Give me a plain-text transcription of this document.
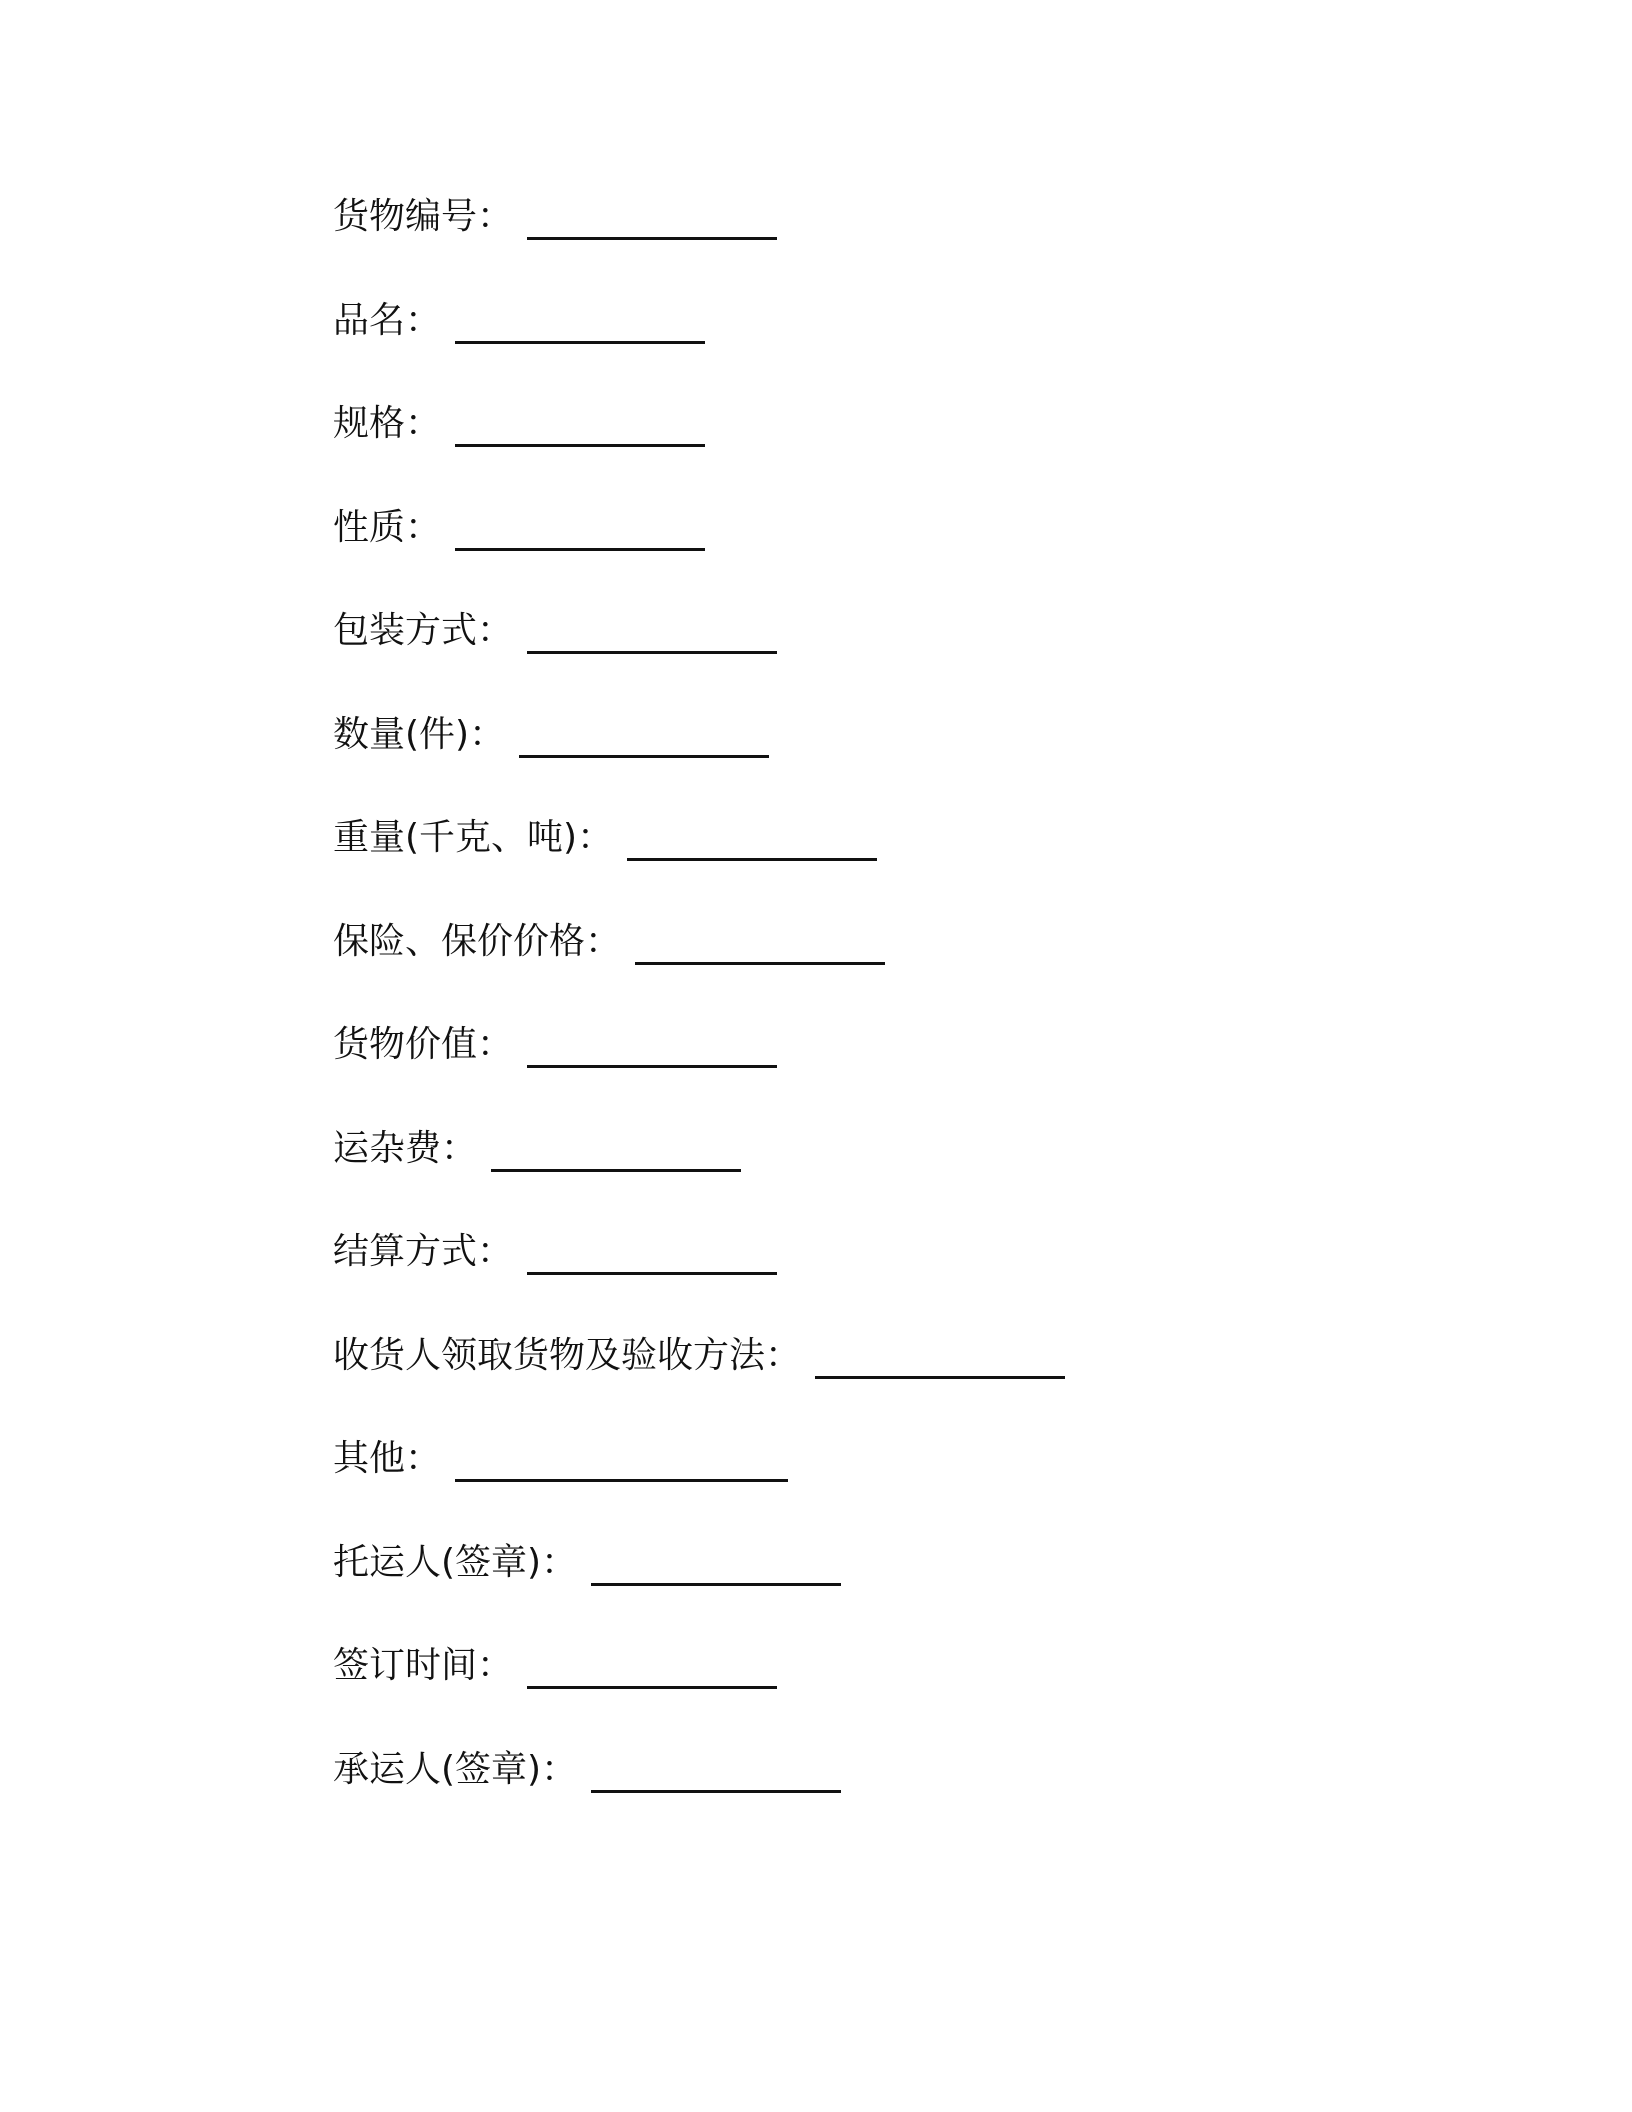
货物编号：
品名：
规格：
性质：
包装方式：
数量(件)：
重量(千克、吨)：
保险、保价价格：
货物价值：
运杂费：
结算方式：
收货人领取货物及验收方法：
其他：
托运人(签章)：
签订时间：
承运人(签章)：
